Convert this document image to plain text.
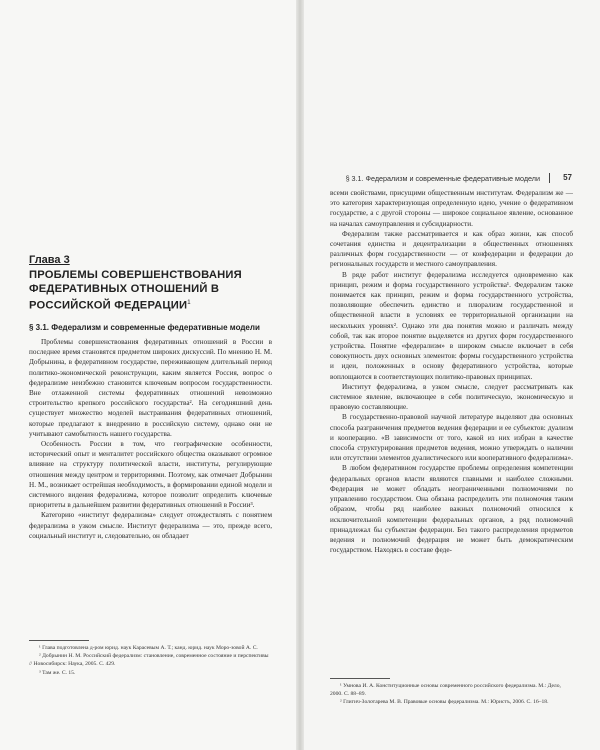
Глава 3
ПРОБЛЕМЫ СОВЕРШЕНСТВОВАНИЯ ФЕДЕРАТИВНЫХ ОТНОШЕНИЙ В РОССИЙСКОЙ ФЕДЕРАЦИИ$^1$
§ 3.1. Федерализм и современные федеративные модели

Проблемы совершенствования федеративных отношений в России в последнее время становятся предметом широких дискуссий. По мнению Н. М. Добрынина, в федеративном государстве, переживающем длительный период политико-экономической реконструкции, каким является Россия, вопрос о федерализме неизбежно становится ключевым вопросом государственности. Вне отлаженной системы федеративных отношений невозможно строительство крепкого российского государства². На сегодняшний день существует множество моделей выстраивания федеративных отношений, которые предлагают к внедрению в российскую систему, однако они не учитывают самобытность нашего государства.

Особенность России в том, что географические особенности, исторический опыт и менталитет российского общества оказывают огромное влияние на структуру политической власти, институты, регулирующие отношения между центром и территориями. Поэтому, как отмечает Добрынин Н. М., возникает острейшая необходимость, в формировании единой модели и системного видения федерализма, которое позволит определить ключевые приоритеты в дальнейшем развитии федеративных отношений в России³.

Категорию «институт федерализма» следует отождествлять с понятием федерализма в узком смысле. Институт федерализма — это, прежде всего, социальный институт и, следовательно, он обладает

¹ Глава подготовлена д-ром юрид. наук Карасевым А. Т.; канд. юрид. наук Моро-зовой А. С.

² Добрынин Н. М. Российский федерализм: становление, современное состояние и перспективы // Новосибирск: Наука, 2005. С. 429.

³ Там же. С. 15.

§ 3.1. Федерализм и современные федеративные модели	57

всеми свойствами, присущими общественным институтам. Федерализм же — это категория характеризующая определенную идею, учение о федеративном государстве, а с другой стороны — широкое социальное явление, основанное на началах самоуправления и субсидиарности.

Федерализм также рассматривается и как образ жизни, как способ сочетания единства и децентрализации в общественных отношениях различных форм государственности — от конфедерации и федерации до региональных государств и местного самоуправления.

В ряде работ институт федерализма исследуется одновременно как принцип, режим и форма государственного устройства¹. Федерализм также понимается как принцип, режим и форма государственного устройства, позволяющие обеспечить единство и плюрализм государственной и общественной власти в условиях ее территориальной организации на нескольких уровнях². Однако эти два понятия можно и различать между собой, так как второе понятие выделяется из других форм государственного устройства. Понятие «федерализм» в широком смысле включает в себя совокупность двух основных элементов: формы государственного устройства и идеи, положенных в основу федеративного устройства, которые воплощаются в соответствующих политико-правовых принципах.

Институт федерализма, в узком смысле, следует рассматривать как системное явление, включающее в себя политическую, экономическую и правовую составляющие.

В государственно-правовой научной литературе выделяют два основных способа разграничения предметов ведения федерации и ее субъектов: дуализм и кооперацию. «В зависимости от того, какой из них избран в качестве способа структурирования предметов ведения, можно утверждать о наличии или отсутствии элементов дуалистического или кооперативного федерализма».

В любом федеративном государстве проблемы определения компетенции федеральных органов власти являются главными и наиболее сложными. Федерация не может обладать неограниченными полномочиями по управлению государством. Она обязана распределить эти полномочия таким образом, чтобы ряд наиболее важных полномочий относился к исключительной компетенции федеральных органов, а ряд полномочий принадлежал бы субъектам федерации. Без такого распределения предметов ведения и полномочий федерация не может быть демократическим государством. Находясь в составе феде-

¹ Умнова И. А. Конституционные основы современного российского федерализма. М.: Дело, 2000. С. 88–89.

² Глигич-Золотарева М. В. Правовые основы федерализма. М.: Юристъ, 2006. С. 16–18.
